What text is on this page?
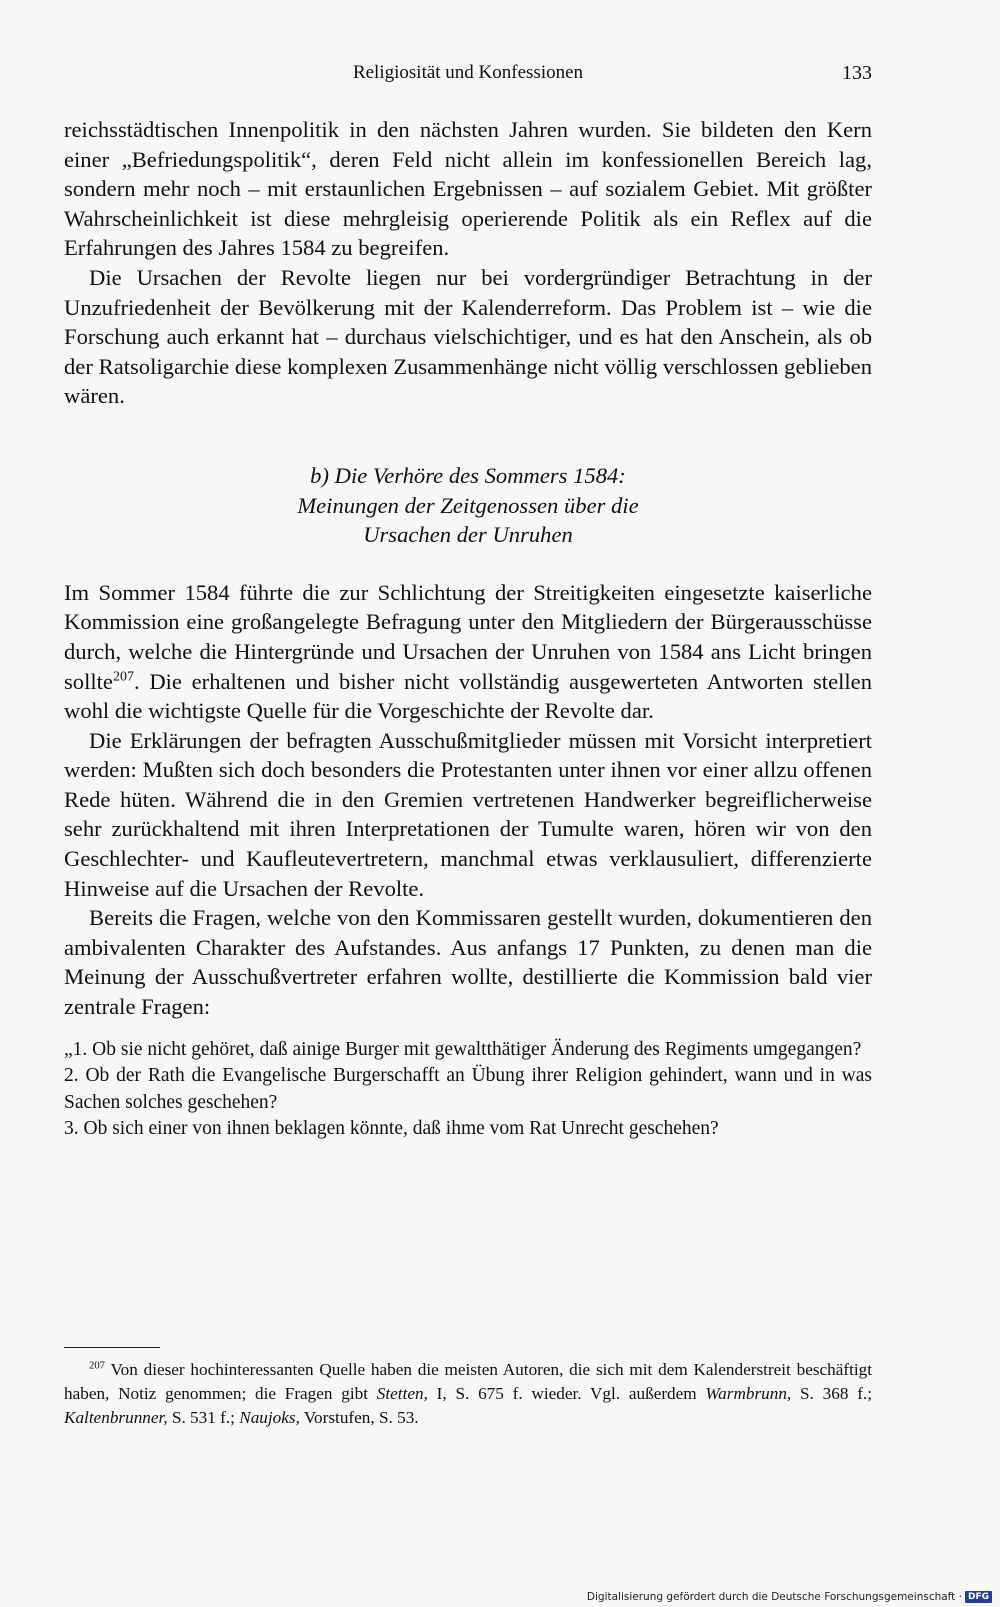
Religiosität und Konfessionen	133

reichsstädtischen Innenpolitik in den nächsten Jahren wurden. Sie bildeten den Kern einer „Befriedungspolitik“, deren Feld nicht allein im konfessionellen Bereich lag, sondern mehr noch – mit erstaunlichen Ergebnissen – auf sozialem Gebiet. Mit größter Wahrscheinlichkeit ist diese mehrgleisig operierende Politik als ein Reflex auf die Erfahrungen des Jahres 1584 zu begreifen.

Die Ursachen der Revolte liegen nur bei vordergründiger Betrachtung in der Unzufriedenheit der Bevölkerung mit der Kalenderreform. Das Problem ist – wie die Forschung auch erkannt hat – durchaus vielschichtiger, und es hat den Anschein, als ob der Ratsoligarchie diese komplexen Zusammenhänge nicht völlig verschlossen geblieben wären.

b) Die Verhöre des Sommers 1584:
Meinungen der Zeitgenossen über die
Ursachen der Unruhen

Im Sommer 1584 führte die zur Schlichtung der Streitigkeiten eingesetzte kaiserliche Kommission eine großangelegte Befragung unter den Mitgliedern der Bürgerausschüsse durch, welche die Hintergründe und Ursachen der Unruhen von 1584 ans Licht bringen sollte$^{207}$. Die erhaltenen und bisher nicht vollständig ausgewerteten Antworten stellen wohl die wichtigste Quelle für die Vorgeschichte der Revolte dar.

Die Erklärungen der befragten Ausschußmitglieder müssen mit Vorsicht interpretiert werden: Mußten sich doch besonders die Protestanten unter ihnen vor einer allzu offenen Rede hüten. Während die in den Gremien vertretenen Handwerker begreiflicherweise sehr zurückhaltend mit ihren Interpretationen der Tumulte waren, hören wir von den Geschlechter- und Kaufleutevertretern, manchmal etwas verklausuliert, differenzierte Hinweise auf die Ursachen der Revolte.

Bereits die Fragen, welche von den Kommissaren gestellt wurden, dokumentieren den ambivalenten Charakter des Aufstandes. Aus anfangs 17 Punkten, zu denen man die Meinung der Ausschußvertreter erfahren wollte, destillierte die Kommission bald vier zentrale Fragen:

„1. Ob sie nicht gehöret, daß ainige Burger mit gewaltthätiger Änderung des Regiments umgegangen?

2. Ob der Rath die Evangelische Burgerschafft an Übung ihrer Religion gehindert, wann und in was Sachen solches geschehen?

3. Ob sich einer von ihnen beklagen könnte, daß ihme vom Rat Unrecht geschehen?

$^{207}$ Von dieser hochinteressanten Quelle haben die meisten Autoren, die sich mit dem Kalenderstreit beschäftigt haben, Notiz genommen; die Fragen gibt Stetten, I, S. 675 f. wieder. Vgl. außerdem Warmbrunn, S. 368 f.; Kaltenbrunner, S. 531 f.; Naujoks, Vorstufen, S. 53.

Digitalisierung gefördert durch die Deutsche Forschungsgemeinschaft · DFG
